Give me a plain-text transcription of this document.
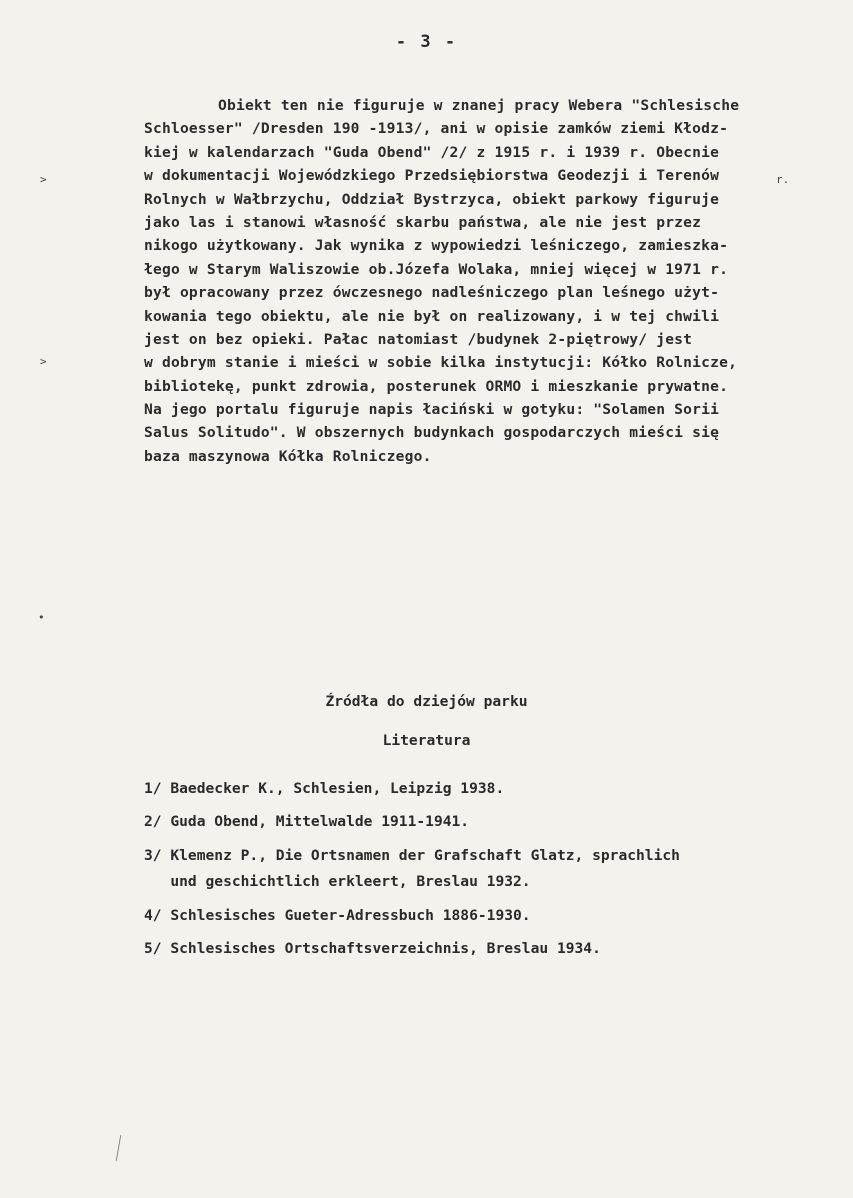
- 3 -
>
>
•
r.
Obiekt ten nie figuruje w znanej pracy Webera "Schlesische
Schloesser" /Dresden 190 -1913/, ani w opisie zamków ziemi Kłodz-
kiej w kalendarzach "Guda Obend" /2/ z 1915 r. i 1939 r. Obecnie
w dokumentacji Wojewódzkiego Przedsiębiorstwa Geodezji i Terenów
Rolnych w Wałbrzychu, Oddział Bystrzyca, obiekt parkowy figuruje
jako las i stanowi własność skarbu państwa, ale nie jest przez
nikogo użytkowany. Jak wynika z wypowiedzi leśniczego, zamieszka-
łego w Starym Waliszowie ob.Józefa Wolaka, mniej więcej w 1971 r.
był opracowany przez ówczesnego nadleśniczego plan leśnego użyt-
kowania tego obiektu, ale nie był on realizowany, i w tej chwili
jest on bez opieki. Pałac natomiast /budynek 2-piętrowy/ jest
w dobrym stanie i mieści w sobie kilka instytucji: Kółko Rolnicze,
bibliotekę, punkt zdrowia, posterunek ORMO i mieszkanie prywatne.
Na jego portalu figuruje napis łaciński w gotyku: "Solamen Sorii
Salus Solitudo". W obszernych budynkach gospodarczych mieści się
baza maszynowa Kółka Rolniczego.
Źródła do dziejów parku
Literatura
1/ Baedecker K., Schlesien, Leipzig 1938.
2/ Guda Obend, Mittelwalde 1911-1941.
3/ Klemenz P., Die Ortsnamen der Grafschaft Glatz, sprachlich
und geschichtlich erkleert, Breslau 1932.
4/ Schlesisches Gueter-Adressbuch 1886-1930.
5/ Schlesisches Ortschaftsverzeichnis, Breslau 1934.
